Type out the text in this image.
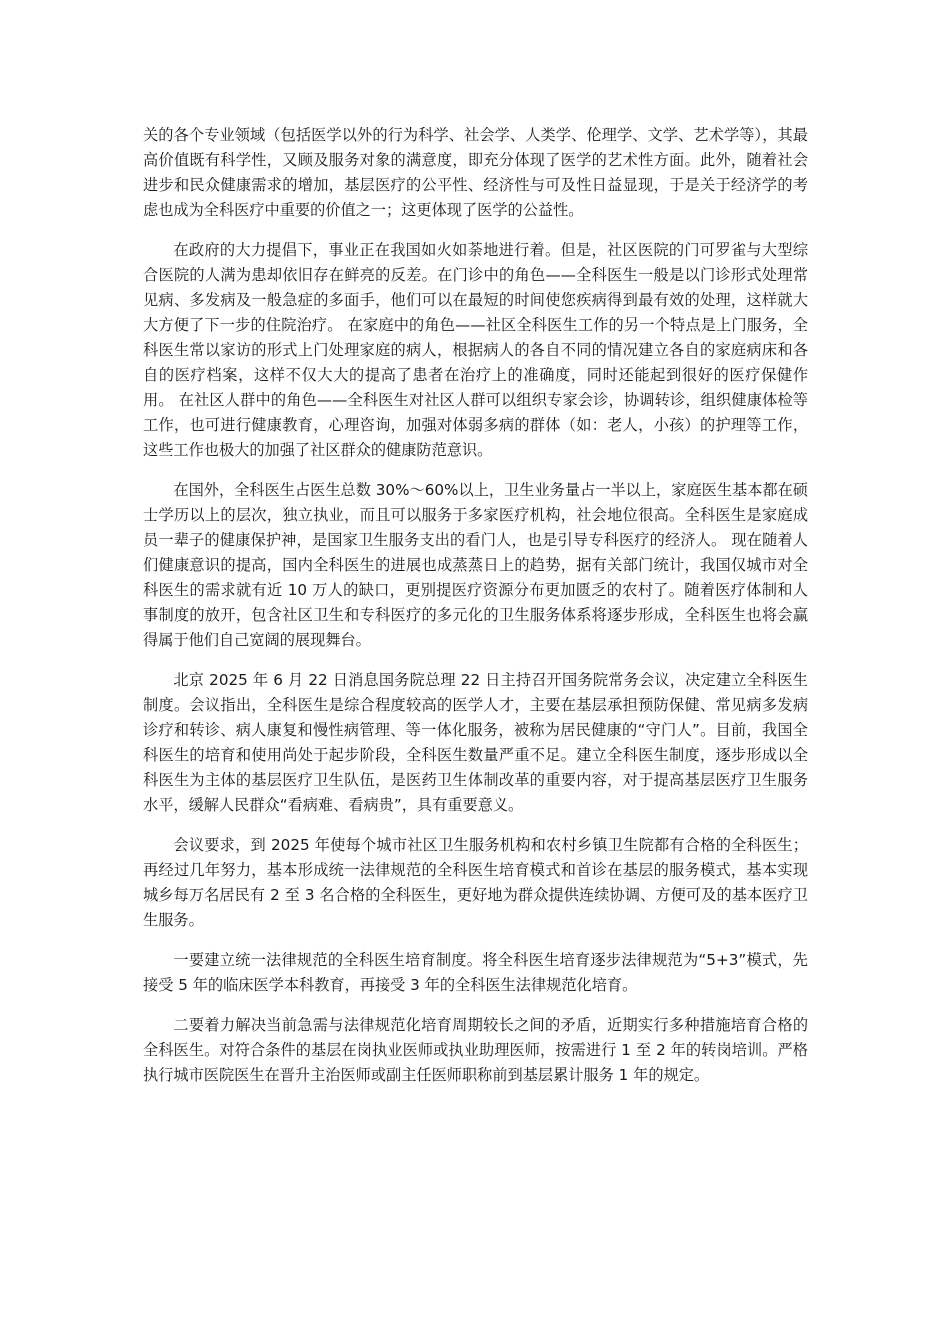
关的各个专业领域（包括医学以外的行为科学、社会学、人类学、伦理学、文学、艺术学等），其最高价值既有科学性，又顾及服务对象的满意度，即充分体现了医学的艺术性方面。此外，随着社会进步和民众健康需求的增加，基层医疗的公平性、经济性与可及性日益显现，于是关于经济学的考虑也成为全科医疗中重要的价值之一；这更体现了医学的公益性。

在政府的大力提倡下，事业正在我国如火如荼地进行着。但是，社区医院的门可罗雀与大型综合医院的人满为患却依旧存在鲜亮的反差。在门诊中的角色——全科医生一般是以门诊形式处理常见病、多发病及一般急症的多面手，他们可以在最短的时间使您疾病得到最有效的处理，这样就大大方便了下一步的住院治疗。 在家庭中的角色——社区全科医生工作的另一个特点是上门服务，全科医生常以家访的形式上门处理家庭的病人，根据病人的各自不同的情况建立各自的家庭病床和各自的医疗档案，这样不仅大大的提高了患者在治疗上的准确度，同时还能起到很好的医疗保健作用。 在社区人群中的角色——全科医生对社区人群可以组织专家会诊，协调转诊，组织健康体检等工作，也可进行健康教育，心理咨询，加强对体弱多病的群体（如：老人，小孩）的护理等工作，这些工作也极大的加强了社区群众的健康防范意识。

在国外，全科医生占医生总数 30%～60%以上，卫生业务量占一半以上，家庭医生基本都在硕士学历以上的层次，独立执业，而且可以服务于多家医疗机构，社会地位很高。全科医生是家庭成员一辈子的健康保护神，是国家卫生服务支出的看门人，也是引导专科医疗的经济人。 现在随着人们健康意识的提高，国内全科医生的进展也成蒸蒸日上的趋势，据有关部门统计，我国仅城市对全科医生的需求就有近 10 万人的缺口，更别提医疗资源分布更加匮乏的农村了。随着医疗体制和人事制度的放开，包含社区卫生和专科医疗的多元化的卫生服务体系将逐步形成，全科医生也将会赢得属于他们自己宽阔的展现舞台。

北京 2025 年 6 月 22 日消息国务院总理 22 日主持召开国务院常务会议，决定建立全科医生制度。会议指出，全科医生是综合程度较高的医学人才，主要在基层承担预防保健、常见病多发病诊疗和转诊、病人康复和慢性病管理、等一体化服务，被称为居民健康的“守门人”。目前，我国全科医生的培育和使用尚处于起步阶段，全科医生数量严重不足。建立全科医生制度，逐步形成以全科医生为主体的基层医疗卫生队伍，是医药卫生体制改革的重要内容，对于提高基层医疗卫生服务水平，缓解人民群众“看病难、看病贵”，具有重要意义。

会议要求，到 2025 年使每个城市社区卫生服务机构和农村乡镇卫生院都有合格的全科医生；再经过几年努力，基本形成统一法律规范的全科医生培育模式和首诊在基层的服务模式，基本实现城乡每万名居民有 2 至 3 名合格的全科医生，更好地为群众提供连续协调、方便可及的基本医疗卫生服务。

一要建立统一法律规范的全科医生培育制度。将全科医生培育逐步法律规范为“5+3”模式，先接受 5 年的临床医学本科教育，再接受 3 年的全科医生法律规范化培育。

二要着力解决当前急需与法律规范化培育周期较长之间的矛盾，近期实行多种措施培育合格的全科医生。对符合条件的基层在岗执业医师或执业助理医师，按需进行 1 至 2 年的转岗培训。严格执行城市医院医生在晋升主治医师或副主任医师职称前到基层累计服务 1 年的规定。
